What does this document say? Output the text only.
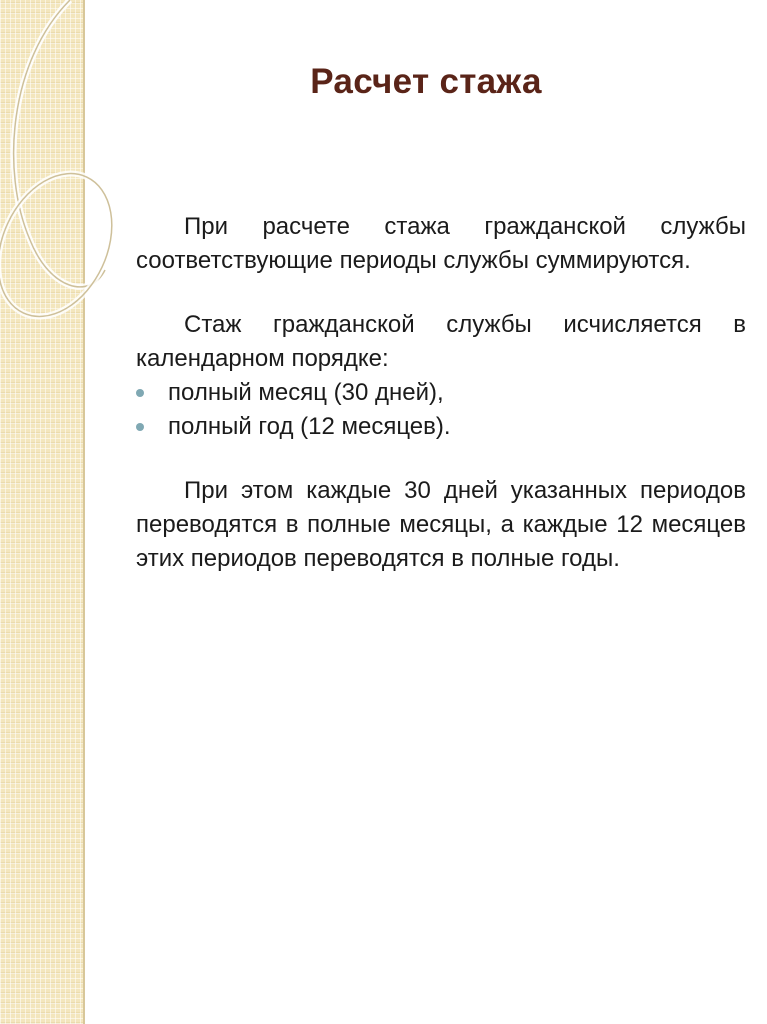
Расчет стажа

При расчете стажа гражданской службы соответствующие периоды службы суммируются.

Стаж гражданской службы исчисляется в календарном порядке:

полный месяц (30 дней),
полный год (12 месяцев).

При этом каждые 30 дней указанных периодов переводятся в полные месяцы, а каждые 12 месяцев этих периодов переводятся в полные годы.
